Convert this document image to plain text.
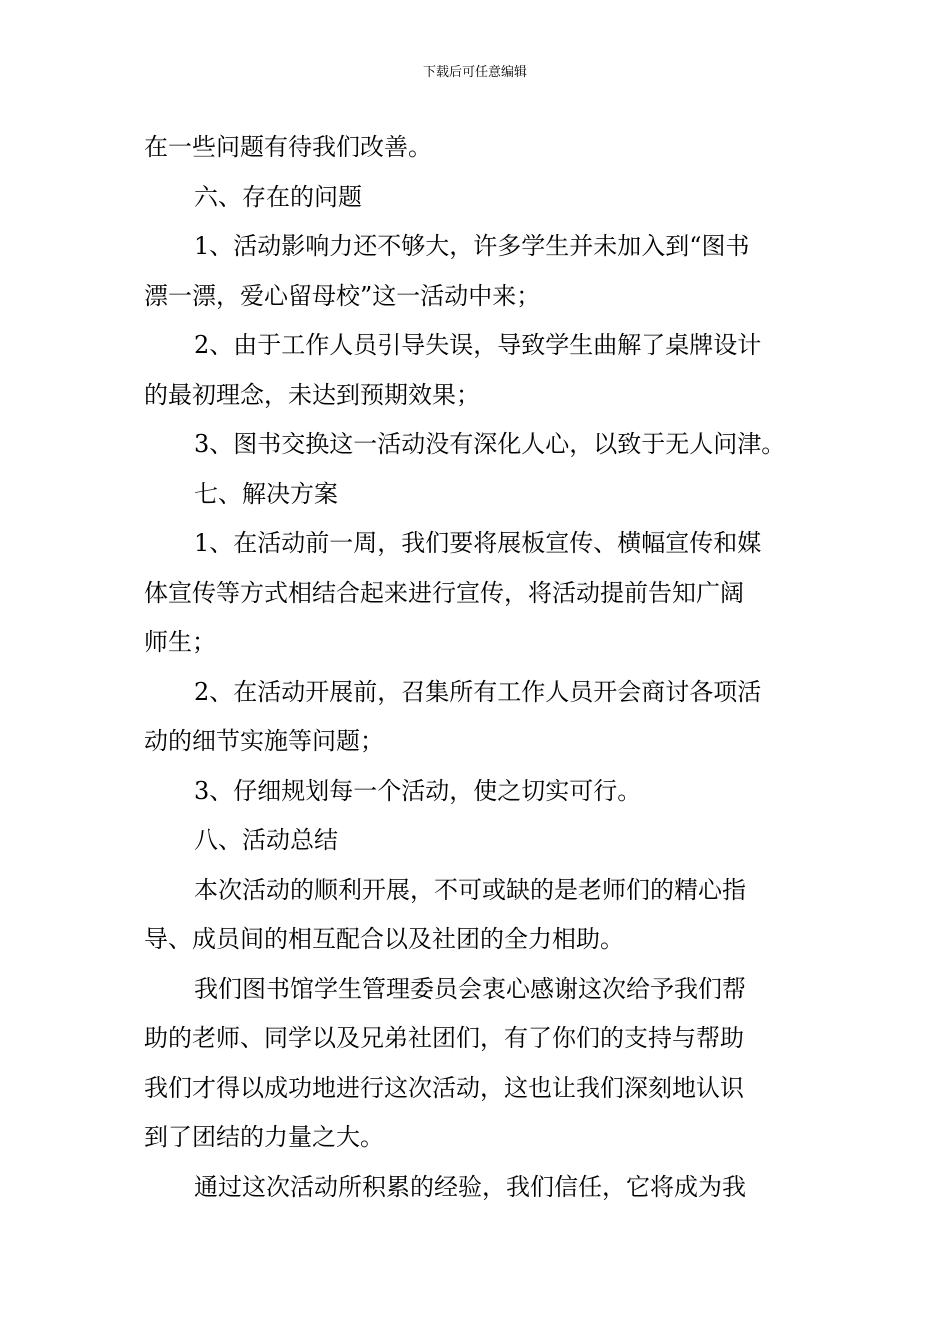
下载后可任意编辑
在一些问题有待我们改善。
六、存在的问题
1、活动影响力还不够大，许多学生并未加入到“图书
漂一漂，爱心留母校”这一活动中来；
2、由于工作人员引导失误，导致学生曲解了桌牌设计
的最初理念，未达到预期效果；
3、图书交换这一活动没有深化人心，以致于无人问津。
七、解决方案
1、在活动前一周，我们要将展板宣传、横幅宣传和媒
体宣传等方式相结合起来进行宣传，将活动提前告知广阔
师生；
2、在活动开展前，召集所有工作人员开会商讨各项活
动的细节实施等问题；
3、仔细规划每一个活动，使之切实可行。
八、活动总结
本次活动的顺利开展，不可或缺的是老师们的精心指
导、成员间的相互配合以及社团的全力相助。
我们图书馆学生管理委员会衷心感谢这次给予我们帮
助的老师、同学以及兄弟社团们，有了你们的支持与帮助
我们才得以成功地进行这次活动，这也让我们深刻地认识
到了团结的力量之大。
通过这次活动所积累的经验，我们信任，它将成为我
